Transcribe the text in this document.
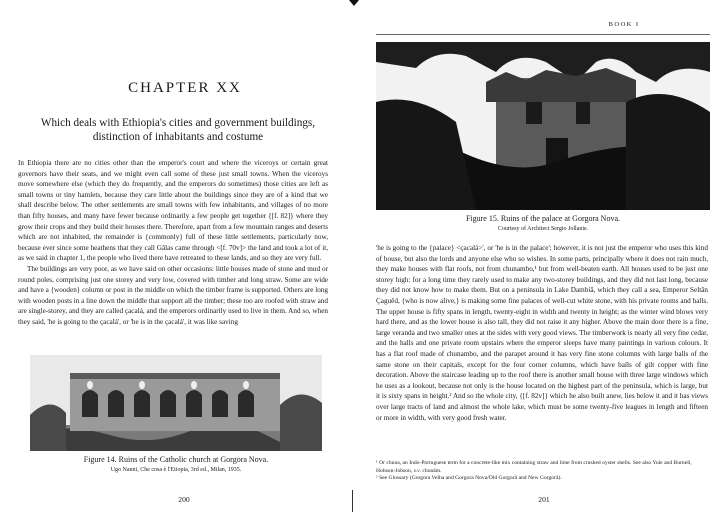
CHAPTER XX
Which deals with Ethiopia's cities and government buildings, distinction of inhabitants and costume

In Ethiopia there are no cities other than the emperor's court and where the viceroys or certain great governors have their seats, and we might even call some of these just small towns. When the viceroys move somewhere else (which they do frequently, and the emperors do sometimes) those cities are left as small towns or tiny hamlets, because they care little about the buildings since they are of a kind that we shall describe below. The other settlements are small towns with few inhabitants, and villages of no more than fifty houses, and many have fewer because ordinarily a few people get together {[f. 82]} where they grow their crops and they build their houses there. Therefore, apart from a few mountain ranges and deserts which are not inhabited, the remainder is {commonly} full of these little settlements, particularly now, because ever since some heathens that they call Gâlas came through <[f. 70v]> the land and took a lot of it, as we said in chapter 1, the people who lived there have retreated to these lands, and so they are very full.

The buildings are very poor, as we have said on other occasions: little houses made of stone and mud or round poles, comprising just one storey and very low, covered with timber and long straw. Some are wide and have a {wooden} column or post in the middle on which the timber frame is supported. Others are long with wooden posts in a line down the middle that support all the timber; these too are roofed with straw and are single-storey, and they are called çacalá, and the emperors ordinarily used to live in them. And so, when they said, 'he is going to the çacalá', or 'he is in the çacalá', it was like saving

Figure 14. Ruins of the Catholic church at Gorgora Nova.

Ugo Nanni, Che cosa è l'Etiopia, 3rd ed., Milan, 1935.

200
BOOK I

Figure 15. Ruins of the palace at Gorgora Nova.

Courtesy of Architect Sergio Jollanie.

'he is going to the {palace} <çacalá>', or 'he is in the palace'; however, it is not just the emperor who uses this kind of house, but also the lords and anyone else who so wishes. In some parts, principally where it does not rain much, they make houses with flat roofs, not from chunambo,¹ but from well-beaten earth. All houses used to be just one storey high: for a long time they rarely used to make any two-storey buildings, and they did not last long, because they did not know how to make them. But on a peninsula in Lake Dambiâ, which they call a sea, Emperor Seltân Çaguêd, {who is now alive,} is making some fine palaces of well-cut white stone, with his private rooms and halls. The upper house is fifty spans in length, twenty-eight in width and twenty in height; as the winter wind blows very hard there, and as the lower house is also tall, they did not raise it any higher. Above the main door there is a fine, large veranda and two smaller ones at the sides with very good views. The timberwork is nearly all very fine cedar, and the halls and one private room upstairs where the emperor sleeps have many paintings in various colours. It has a flat roof made of chunambo, and the parapet around it has very fine stone columns with large balls of the same stone on their capitals, except for the four corner columns, which have balls of gilt copper with fine decoration. Above the staircase leading up to the roof there is another small house with three large windows which he uses as a lookout, because not only is the house located on the highest part of the peninsula, which is large, but it is sixty spans in height.² And so the whole city, {[f. 82v]} which he also built anew, lies below it and it has views over large tracts of land and almost the whole lake, which must be some twenty-five leagues in length and fifteen or more in width, with very good fresh water.

¹ Or chuna, an Indo-Portuguese term for a concrete-like mix containing straw and lime from crushed oyster shells. See also Yule and Burnell, Hobson-Jobson, s.v. chunâm.

² See Glossary (Gorgora Velha and Gorgora Nova/Old Gorgorâ and New Gorgorâ).

201
